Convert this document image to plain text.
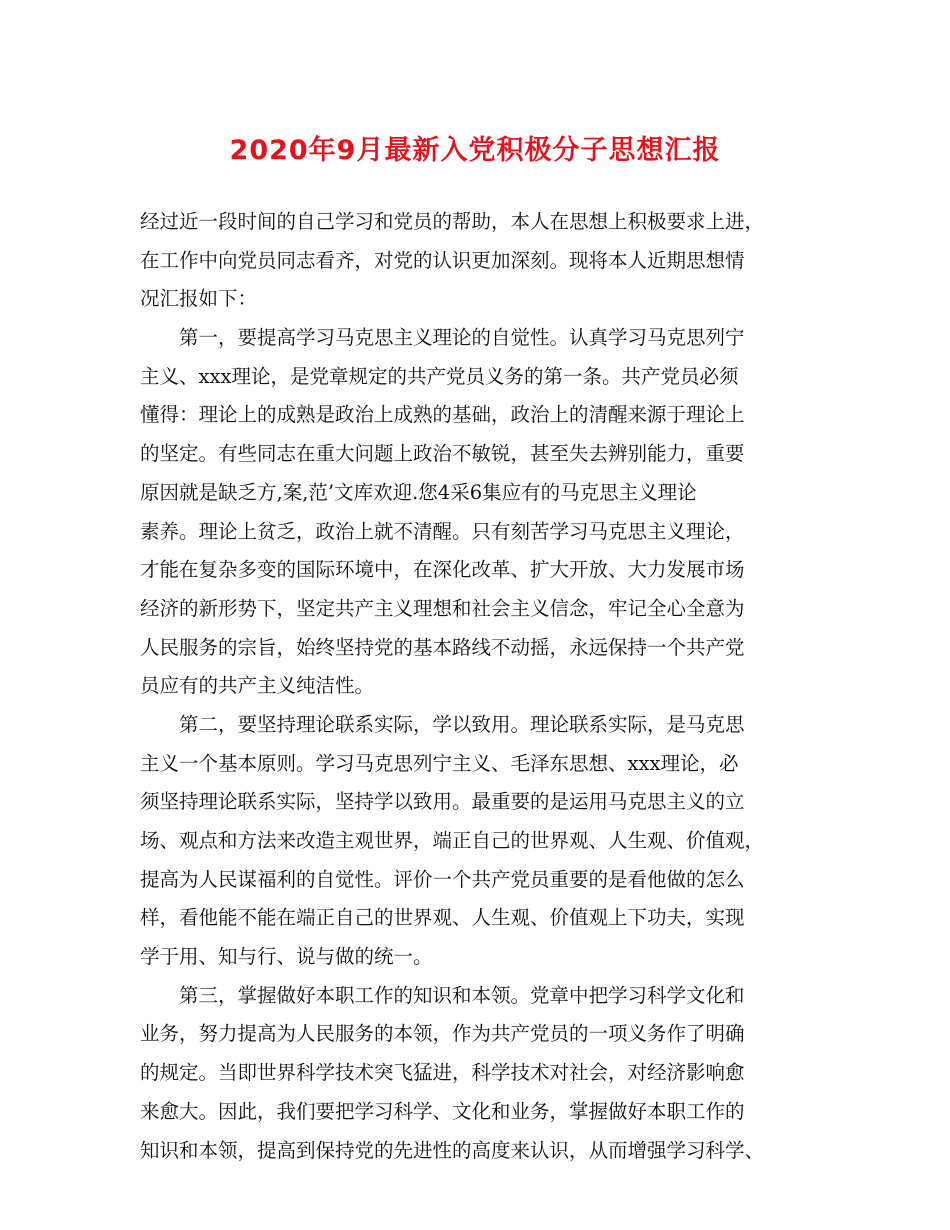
2020年9月最新入党积极分子思想汇报
经过近一段时间的自己学习和党员的帮助，本人在思想上积极要求上进，
在工作中向党员同志看齐，对党的认识更加深刻。现将本人近期思想情
况汇报如下：
　　第一，要提高学习马克思主义理论的自觉性。认真学习马克思列宁
主义、xxx理论，是党章规定的共产党员义务的第一条。共产党员必须
懂得：理论上的成熟是政治上成熟的基础，政治上的清醒来源于理论上
的坚定。有些同志在重大问题上政治不敏锐，甚至失去辨别能力，重要
原因就是缺乏方,案,范’文库欢迎.您4采6集应有的马克思主义理论
素养。理论上贫乏，政治上就不清醒。只有刻苦学习马克思主义理论，
才能在复杂多变的国际环境中，在深化改革、扩大开放、大力发展市场
经济的新形势下，坚定共产主义理想和社会主义信念，牢记全心全意为
人民服务的宗旨，始终坚持党的基本路线不动摇，永远保持一个共产党
员应有的共产主义纯洁性。
　　第二，要坚持理论联系实际，学以致用。理论联系实际，是马克思
主义一个基本原则。学习马克思列宁主义、毛泽东思想、xxx理论，必
须坚持理论联系实际，坚持学以致用。最重要的是运用马克思主义的立
场、观点和方法来改造主观世界，端正自己的世界观、人生观、价值观，
提高为人民谋福利的自觉性。评价一个共产党员重要的是看他做的怎么
样，看他能不能在端正自己的世界观、人生观、价值观上下功夫，实现
学于用、知与行、说与做的统一。
　　第三，掌握做好本职工作的知识和本领。党章中把学习科学文化和
业务，努力提高为人民服务的本领，作为共产党员的一项义务作了明确
的规定。当即世界科学技术突飞猛进，科学技术对社会，对经济影响愈
来愈大。因此，我们要把学习科学、文化和业务，掌握做好本职工作的
知识和本领，提高到保持党的先进性的高度来认识，从而增强学习科学、
